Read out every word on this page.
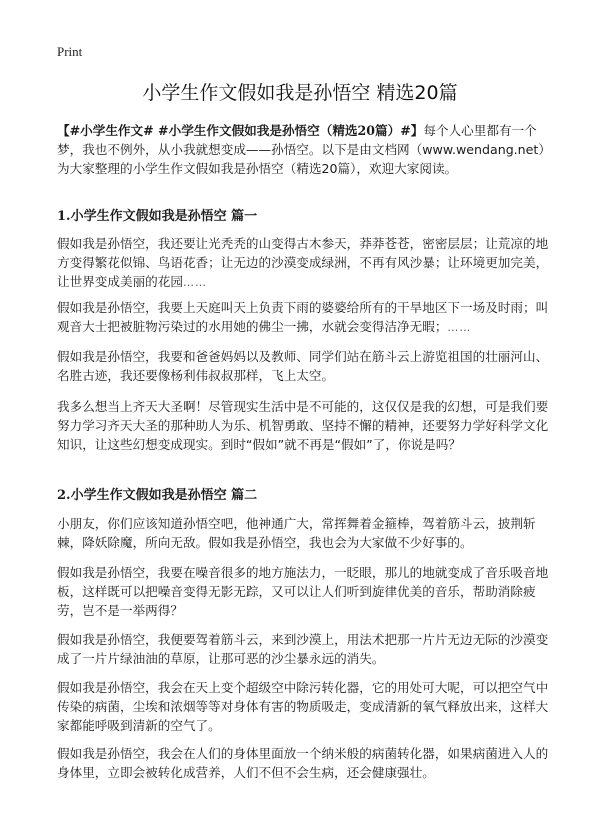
Print
小学生作文假如我是孙悟空 精选20篇

【#小学生作文# #小学生作文假如我是孙悟空（精选20篇）#】每个人心里都有一个梦，我也不例外，从小我就想变成——孙悟空。以下是由文档网（www.wendang.net）为大家整理的小学生作文假如我是孙悟空（精选20篇），欢迎大家阅读。

1.小学生作文假如我是孙悟空 篇一

假如我是孙悟空，我还要让光秃秃的山变得古木参天，莽莽苍苍，密密层层；让荒凉的地方变得繁花似锦、鸟语花香；让无边的沙漠变成绿洲，不再有风沙暴；让环境更加完美，让世界变成美丽的花园……

假如我是孙悟空，我要上天庭叫天上负责下雨的婆婆给所有的干旱地区下一场及时雨；叫观音大士把被脏物污染过的水用她的佛尘一拂，水就会变得洁净无暇；……

假如我是孙悟空，我要和爸爸妈妈以及教师、同学们站在筋斗云上游览祖国的壮丽河山、名胜古迹，我还要像杨利伟叔叔那样，飞上太空。

我多么想当上齐天大圣啊！尽管现实生活中是不可能的，这仅仅是我的幻想，可是我们要努力学习齐天大圣的那种助人为乐、机智勇敢、坚持不懈的精神，还要努力学好科学文化知识，让这些幻想变成现实。到时“假如”就不再是“假如”了，你说是吗？

2.小学生作文假如我是孙悟空 篇二

小朋友，你们应该知道孙悟空吧，他神通广大，常挥舞着金箍棒，驾着筋斗云，披荆斩棘，降妖除魔，所向无敌。假如我是孙悟空，我也会为大家做不少好事的。

假如我是孙悟空，我要在噪音很多的地方施法力，一眨眼，那儿的地就变成了音乐吸音地板，这样既可以把噪音变得无影无踪，又可以让人们听到旋律优美的音乐，帮助消除疲劳，岂不是一举两得？

假如我是孙悟空，我便要驾着筋斗云，来到沙漠上，用法术把那一片片无边无际的沙漠变成了一片片绿油油的草原，让那可恶的沙尘暴永远的消失。

假如我是孙悟空，我会在天上变个超级空中除污转化器，它的用处可大呢，可以把空气中传染的病菌，尘埃和浓烟等等对身体有害的物质吸走，变成清新的氧气释放出来，这样大家都能呼吸到清新的空气了。

假如我是孙悟空，我会在人们的身体里面放一个纳米般的病菌转化器，如果病菌进入人的身体里，立即会被转化成营养，人们不但不会生病，还会健康强壮。
